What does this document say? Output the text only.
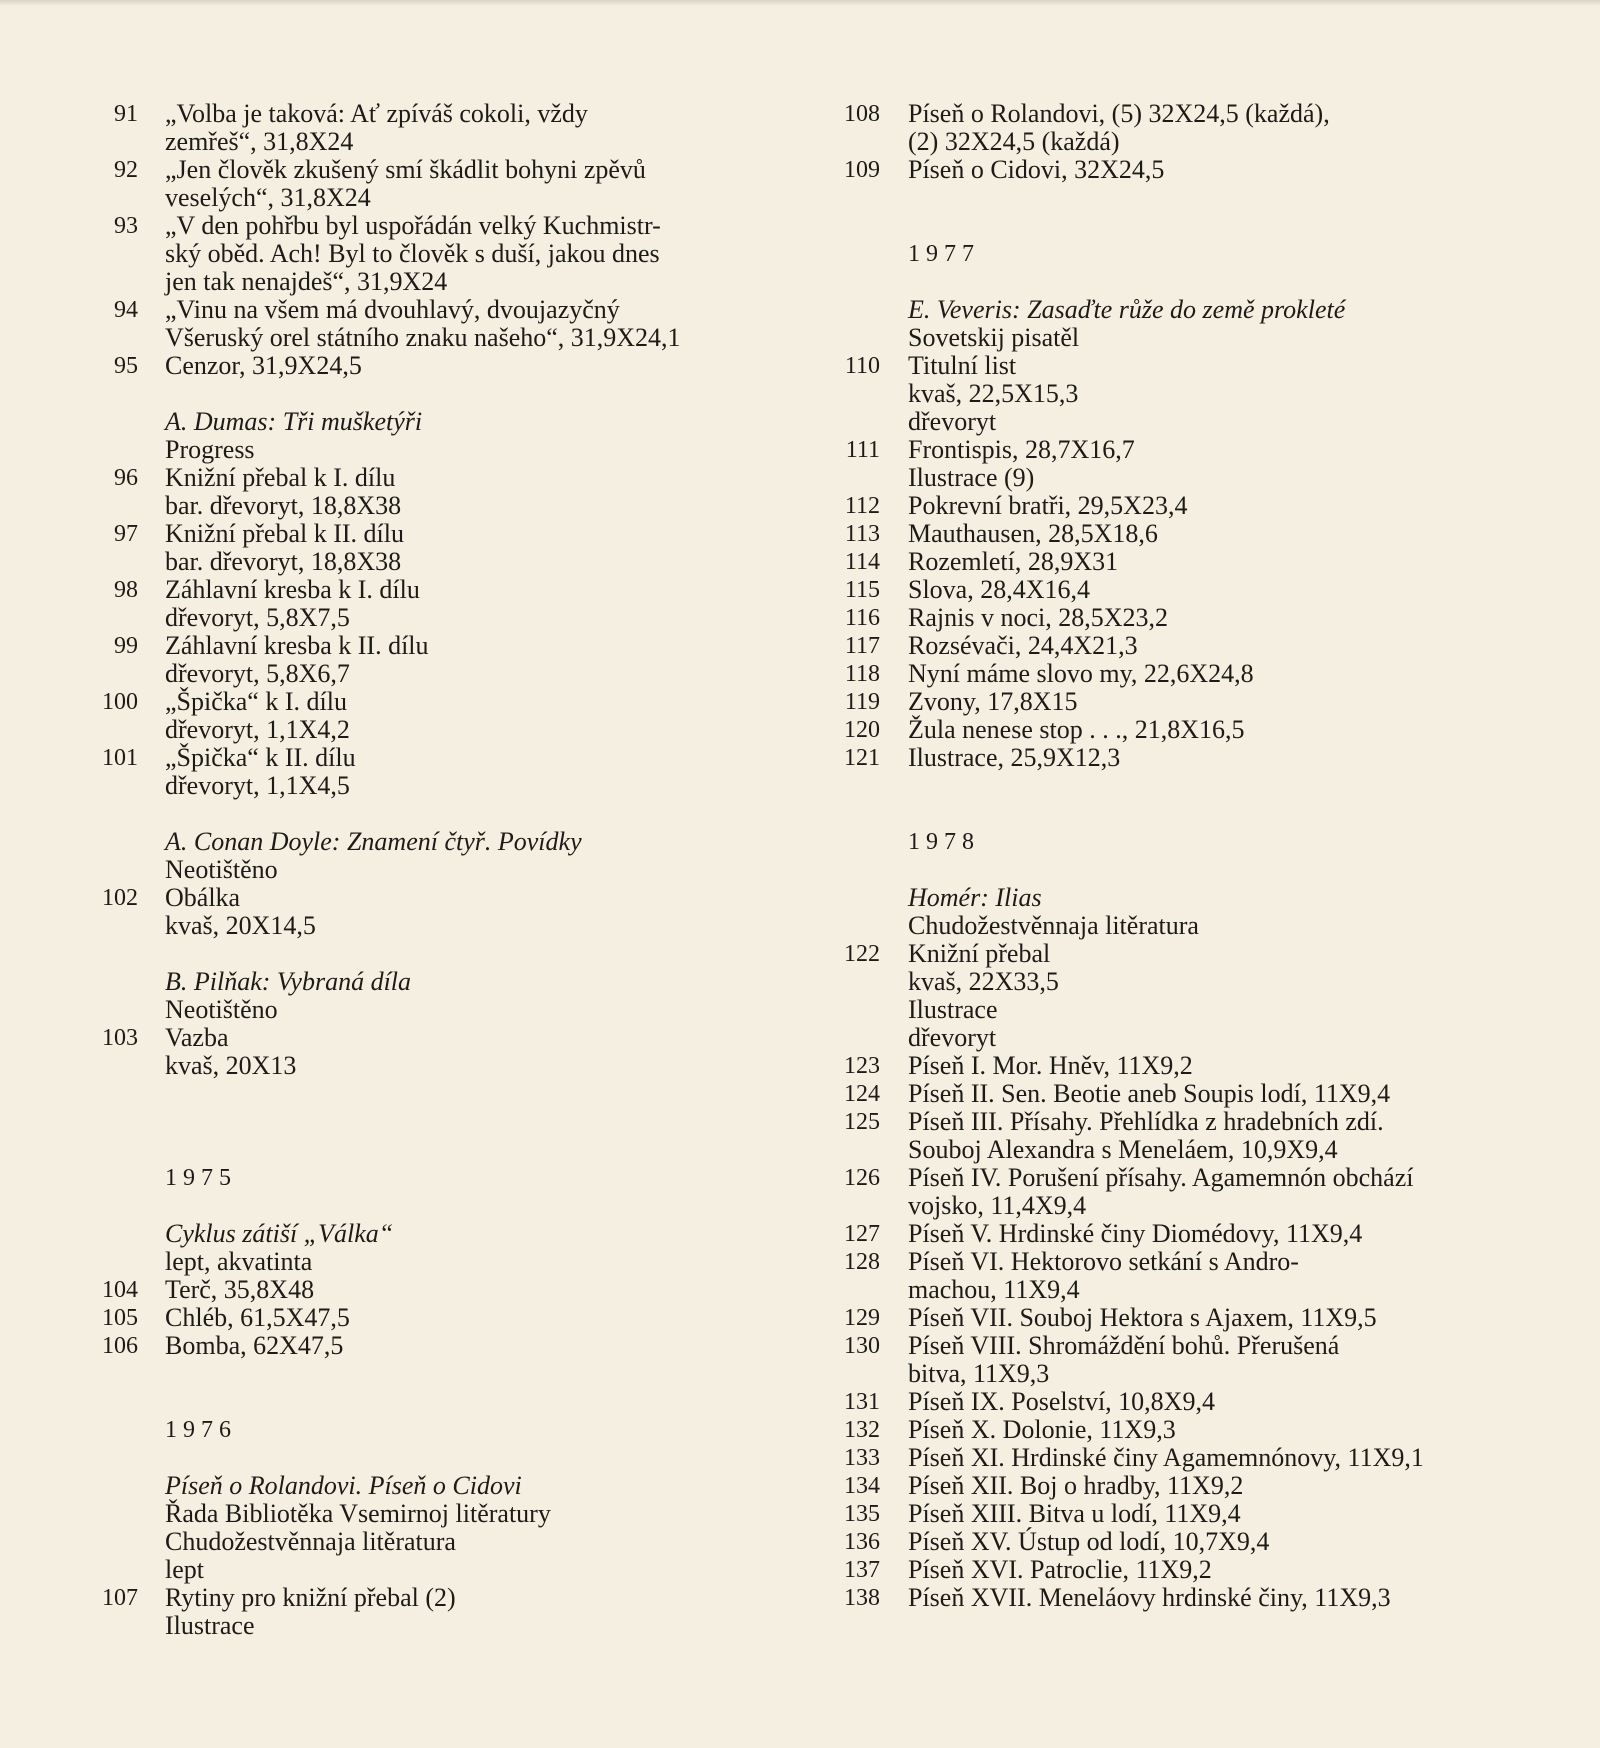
91 „Volba je taková: Ať zpíváš cokoli, vždy
zemřeš“, 31,8X24
92 „Jen člověk zkušený smí škádlit bohyni zpěvů
veselých“, 31,8X24
93 „V den pohřbu byl uspořádán velký Kuchmistr-
ský oběd. Ach! Byl to člověk s duší, jakou dnes
jen tak nenajdeš“, 31,9X24
94 „Vinu na všem má dvouhlavý, dvoujazyčný
Všeruský orel státního znaku našeho“, 31,9X24,1
95 Cenzor, 31,9X24,5
A. Dumas: Tři mušketýři
Progress
96 Knižní přebal k I. dílu
bar. dřevoryt, 18,8X38
97 Knižní přebal k II. dílu
bar. dřevoryt, 18,8X38
98 Záhlavní kresba k I. dílu
dřevoryt, 5,8X7,5
99 Záhlavní kresba k II. dílu
dřevoryt, 5,8X6,7
100 „Špička“ k I. dílu
dřevoryt, 1,1X4,2
101 „Špička“ k II. dílu
dřevoryt, 1,1X4,5
A. Conan Doyle: Znamení čtyř. Povídky
Neotištěno
102 Obálka
kvaš, 20X14,5
B. Pilňak: Vybraná díla
Neotištěno
103 Vazba
kvaš, 20X13
1975
Cyklus zátiší „Válka“
lept, akvatinta
104 Terč, 35,8X48
105 Chléb, 61,5X47,5
106 Bomba, 62X47,5
1976
Píseň o Rolandovi. Píseň o Cidovi
Řada Bibliotěka Vsemirnoj litěratury
Chudožestvěnnaja litěratura
lept
107 Rytiny pro knižní přebal (2)
Ilustrace
108 Píseň o Rolandovi, (5) 32X24,5 (každá),
(2) 32X24,5 (každá)
109 Píseň o Cidovi, 32X24,5
1977
E. Veveris: Zasaďte růže do země prokleté
Sovetskij pisatěl
110 Titulní list
kvaš, 22,5X15,3
dřevoryt
111 Frontispis, 28,7X16,7
Ilustrace (9)
112 Pokrevní bratři, 29,5X23,4
113 Mauthausen, 28,5X18,6
114 Rozemletí, 28,9X31
115 Slova, 28,4X16,4
116 Rajnis v noci, 28,5X23,2
117 Rozsévači, 24,4X21,3
118 Nyní máme slovo my, 22,6X24,8
119 Zvony, 17,8X15
120 Žula nenese stop . . ., 21,8X16,5
121 Ilustrace, 25,9X12,3
1978
Homér: Ilias
Chudožestvěnnaja litěratura
122 Knižní přebal
kvaš, 22X33,5
Ilustrace
dřevoryt
123 Píseň I. Mor. Hněv, 11X9,2
124 Píseň II. Sen. Beotie aneb Soupis lodí, 11X9,4
125 Píseň III. Přísahy. Přehlídka z hradebních zdí.
Souboj Alexandra s Meneláem, 10,9X9,4
126 Píseň IV. Porušení přísahy. Agamemnón obchází
vojsko, 11,4X9,4
127 Píseň V. Hrdinské činy Diomédovy, 11X9,4
128 Píseň VI. Hektorovo setkání s Andro-
machou, 11X9,4
129 Píseň VII. Souboj Hektora s Ajaxem, 11X9,5
130 Píseň VIII. Shromáždění bohů. Přerušená
bitva, 11X9,3
131 Píseň IX. Poselství, 10,8X9,4
132 Píseň X. Dolonie, 11X9,3
133 Píseň XI. Hrdinské činy Agamemnónovy, 11X9,1
134 Píseň XII. Boj o hradby, 11X9,2
135 Píseň XIII. Bitva u lodí, 11X9,4
136 Píseň XV. Ústup od lodí, 10,7X9,4
137 Píseň XVI. Patroclie, 11X9,2
138 Píseň XVII. Meneláovy hrdinské činy, 11X9,3
